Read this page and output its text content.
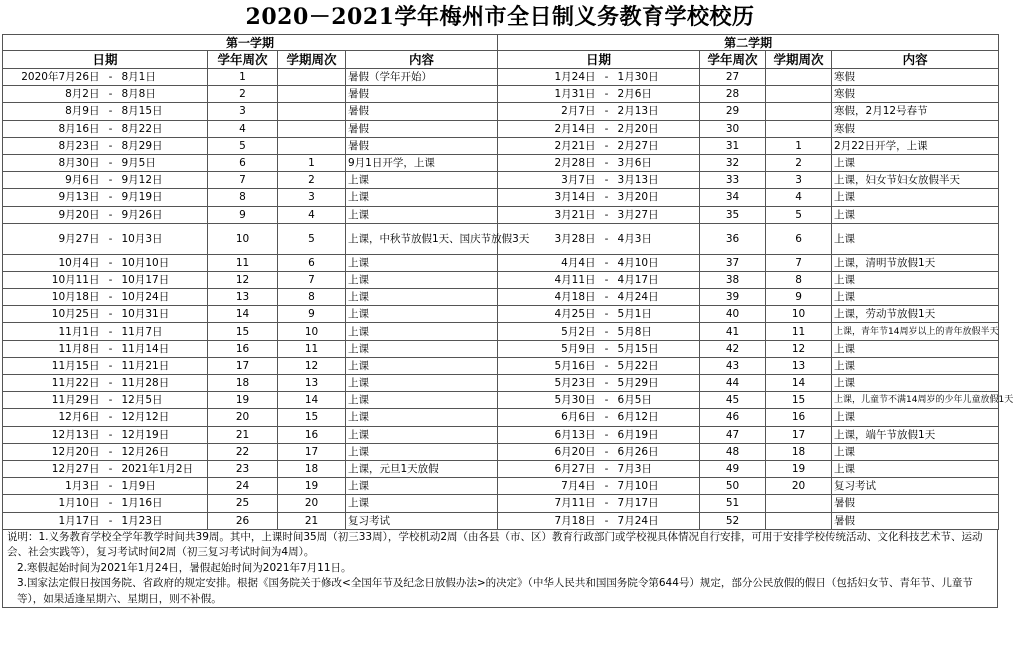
2020－2021学年梅州市全日制义务教育学校校历
第一学期						第二学期					
日期			学年周次	学期周次	内容	日期			学年周次	学期周次	内容
2020年7月26日	-	8月1日	1		暑假（学年开始）	1月24日	-	1月30日	27		寒假
8月2日	-	8月8日	2		暑假	1月31日	-	2月6日	28		寒假
8月9日	-	8月15日	3		暑假	2月7日	-	2月13日	29		寒假，2月12号春节
8月16日	-	8月22日	4		暑假	2月14日	-	2月20日	30		寒假
8月23日	-	8月29日	5		暑假	2月21日	-	2月27日	31	1	2月22日开学，上课
8月30日	-	9月5日	6	1	9月1日开学，上课	2月28日	-	3月6日	32	2	上课
9月6日	-	9月12日	7	2	上课	3月7日	-	3月13日	33	3	上课，妇女节妇女放假半天
9月13日	-	9月19日	8	3	上课	3月14日	-	3月20日	34	4	上课
9月20日	-	9月26日	9	4	上课	3月21日	-	3月27日	35	5	上课
9月27日	-	10月3日	10	5	上课，中秋节放假1天、国庆节放假3天	3月28日	-	4月3日	36	6	上课
10月4日	-	10月10日	11	6	上课	4月4日	-	4月10日	37	7	上课，清明节放假1天
10月11日	-	10月17日	12	7	上课	4月11日	-	4月17日	38	8	上课
10月18日	-	10月24日	13	8	上课	4月18日	-	4月24日	39	9	上课
10月25日	-	10月31日	14	9	上课	4月25日	-	5月1日	40	10	上课，劳动节放假1天
11月1日	-	11月7日	15	10	上课	5月2日	-	5月8日	41	11	上课，青年节14周岁以上的青年放假半天
11月8日	-	11月14日	16	11	上课	5月9日	-	5月15日	42	12	上课
11月15日	-	11月21日	17	12	上课	5月16日	-	5月22日	43	13	上课
11月22日	-	11月28日	18	13	上课	5月23日	-	5月29日	44	14	上课
11月29日	-	12月5日	19	14	上课	5月30日	-	6月5日	45	15	上课，儿童节不满14周岁的少年儿童放假1天
12月6日	-	12月12日	20	15	上课	6月6日	-	6月12日	46	16	上课
12月13日	-	12月19日	21	16	上课	6月13日	-	6月19日	47	17	上课，端午节放假1天
12月20日	-	12月26日	22	17	上课	6月20日	-	6月26日	48	18	上课
12月27日	-	2021年1月2日	23	18	上课，元旦1天放假	6月27日	-	7月3日	49	19	上课
1月3日	-	1月9日	24	19	上课	7月4日	-	7月10日	50	20	复习考试
1月10日	-	1月16日	25	20	上课	7月11日	-	7月17日	51		暑假
1月17日	-	1月23日	26	21	复习考试	7月18日	-	7月24日	52		暑假
说明：1.义务教育学校全学年教学时间共39周。其中，上课时间35周（初三33周），学校机动2周（由各县（市、区）教育行政部门或学校视具体情况自行安排，可用于安排学校传统活动、文化科技艺术节、运动会、社会实践等），复习考试时间2周（初三复习考试时间为4周）。
2.寒假起始时间为2021年1月24日，暑假起始时间为2021年7月11日。
3.国家法定假日按国务院、省政府的规定安排。根据《国务院关于修改<全国年节及纪念日放假办法>的决定》（中华人民共和国国务院令第644号）规定，部分公民放假的假日（包括妇女节、青年节、儿童节等），如果适逢星期六、星期日，则不补假。
